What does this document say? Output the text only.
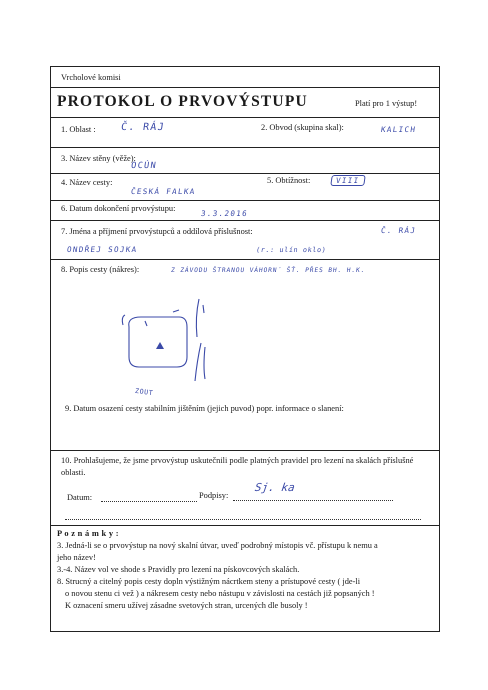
Vrcholové komisi
PROTOKOL O PRVOVÝSTUPU	Platí pro 1 výstup!
1. Oblast : Č. RÁJ	2. Obvod (skupina skal):	KALICH
3. Název stěny (věže):
OCÚN
4. Název cesty:
ČESKÁ FALKA
5. Obtížnost:	VIII
6. Datum dokončení prvovýstupu:
3.3.2016
7. Jména a příjmení prvovýstupců a oddílová příslušnost:	Č. RÁJ
ONDŘEJ SOJKA	(r.: ulín oklo)
8. Popis cesty (nákres):	Z ZÁVODU ŠTRANOU VÁHORN´ ŠŤ. PŘES BH. H.K.
ZOUT
9. Datum osazení cesty stabilním jištěním (jejich puvod) popr. informace o slanení:
10. Prohlašujeme, že jsme prvovýstup uskutečnili podle platných pravidel pro lezení na skalách příslušné oblasti.
Datum:	Podpisy:
Sj. ka
P o z n á m k y :
3. Jedná-li se o prvovýstup na nový skalní útvar, uveď podrobný místopis vč. přístupu k nemu a
jeho název!
3.-4. Název vol ve shode s Pravidly pro lezení na pískovcových skalách.
8. Strucný a citelný popis cesty dopln výstižným nácrtkem steny a prístupové cesty ( jde-li
o novou stenu ci vež ) a nákresem cesty nebo nástupu v závislosti na cestách již popsaných !
K oznacení smeru užívej zásadne svetových stran, urcených dle busoly !
